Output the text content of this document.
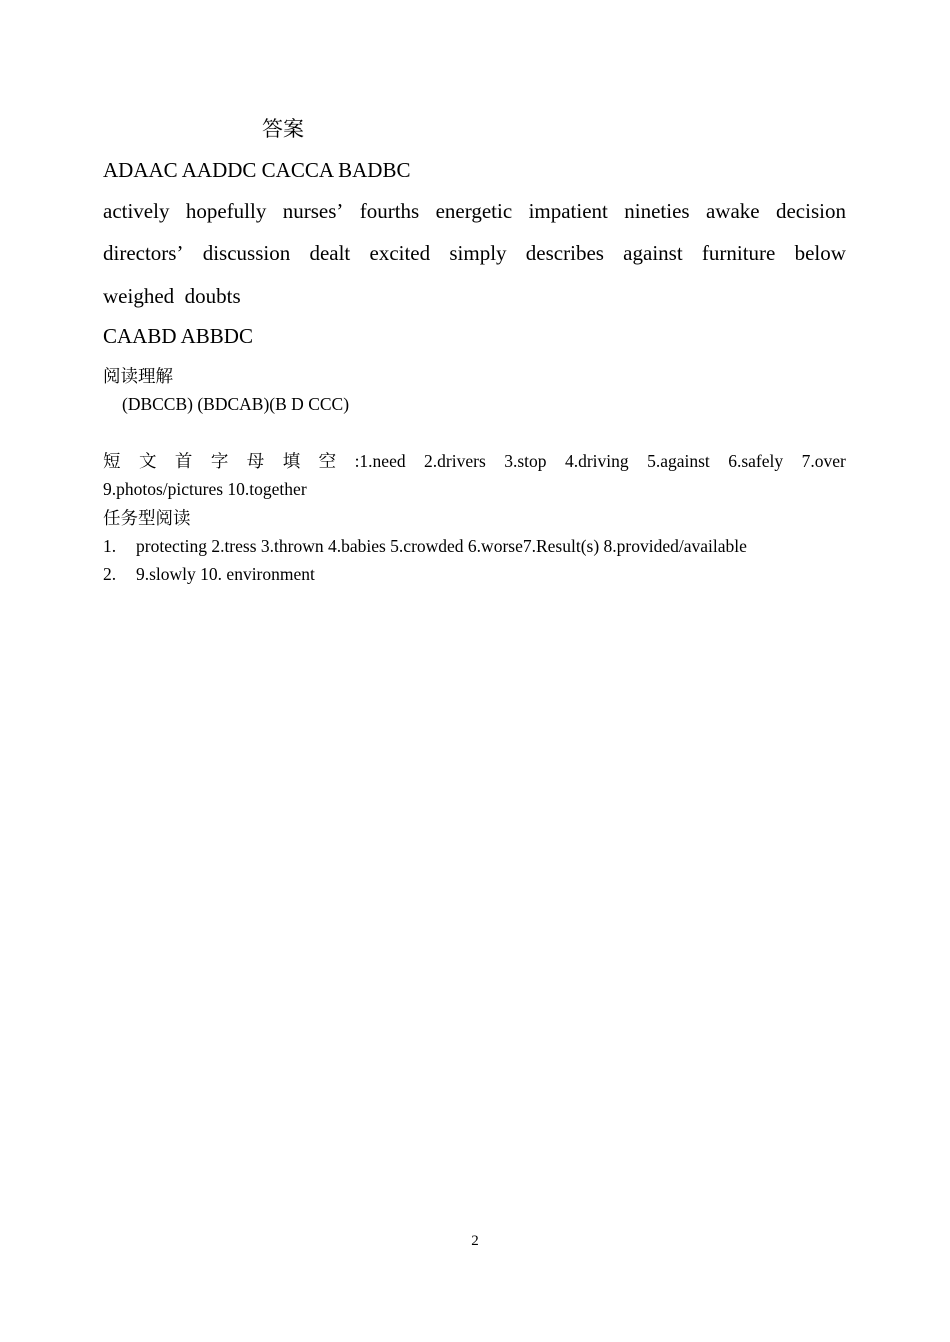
答案
ADAAC AADDC CACCA BADBC
actively hopefully nurses’ fourths energetic impatient nineties awake decision
directors’ discussion dealt excited simply describes against furniture below
weighed  doubts
CAABD ABBDC
阅读理解
(DBCCB) (BDCAB)(B D CCC)
短 文 首 字 母 填 空 :1.need 2.drivers 3.stop 4.driving 5.against 6.safely 7.over
9.photos/pictures 10.together
任务型阅读
1. protecting 2.tress 3.thrown 4.babies 5.crowded 6.worse7.Result(s) 8.provided/available
2. 9.slowly 10. environment
2
